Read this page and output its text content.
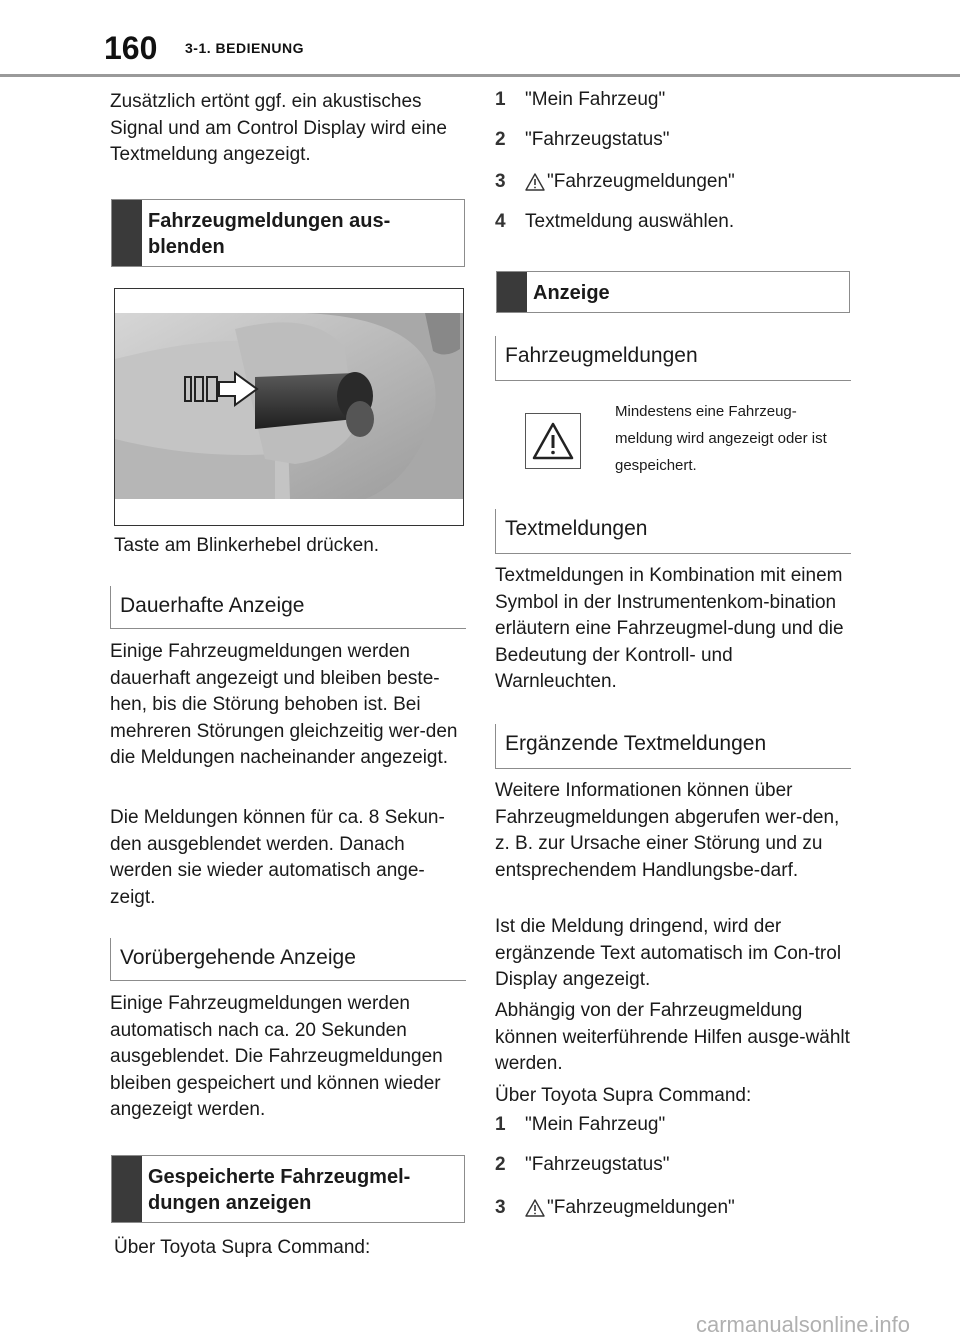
160 3-1. BEDIENUNG
Zusätzlich ertönt ggf. ein akustisches Signal und am Control Display wird eine Textmeldung angezeigt.
Fahrzeugmeldungen aus-blenden
Taste am Blinkerhebel drücken.
Dauerhafte Anzeige
Einige Fahrzeugmeldungen werden dauerhaft angezeigt und bleiben beste-hen, bis die Störung behoben ist. Bei mehreren Störungen gleichzeitig wer-den die Meldungen nacheinander angezeigt.
Die Meldungen können für ca. 8 Sekun-den ausgeblendet werden. Danach werden sie wieder automatisch ange-zeigt.
Vorübergehende Anzeige
Einige Fahrzeugmeldungen werden automatisch nach ca. 20 Sekunden ausgeblendet. Die Fahrzeugmeldungen bleiben gespeichert und können wieder angezeigt werden.
Gespeicherte Fahrzeugmel-dungen anzeigen
Über Toyota Supra Command:
1	"Mein Fahrzeug"
2	"Fahrzeugstatus"
3	"Fahrzeugmeldungen"
4	Textmeldung auswählen.
Anzeige
Fahrzeugmeldungen
Mindestens eine Fahrzeug-meldung wird angezeigt oder ist gespeichert.
Textmeldungen
Textmeldungen in Kombination mit einem Symbol in der Instrumentenkom-bination erläutern eine Fahrzeugmel-dung und die Bedeutung der Kontroll- und Warnleuchten.
Ergänzende Textmeldungen
Weitere Informationen können über Fahrzeugmeldungen abgerufen wer-den, z. B. zur Ursache einer Störung und zu entsprechendem Handlungsbe-darf.
Ist die Meldung dringend, wird der ergänzende Text automatisch im Con-trol Display angezeigt.
Abhängig von der Fahrzeugmeldung können weiterführende Hilfen ausge-wählt werden.
Über Toyota Supra Command:
1	"Mein Fahrzeug"
2	"Fahrzeugstatus"
3	"Fahrzeugmeldungen"
carmanualsonline.info
